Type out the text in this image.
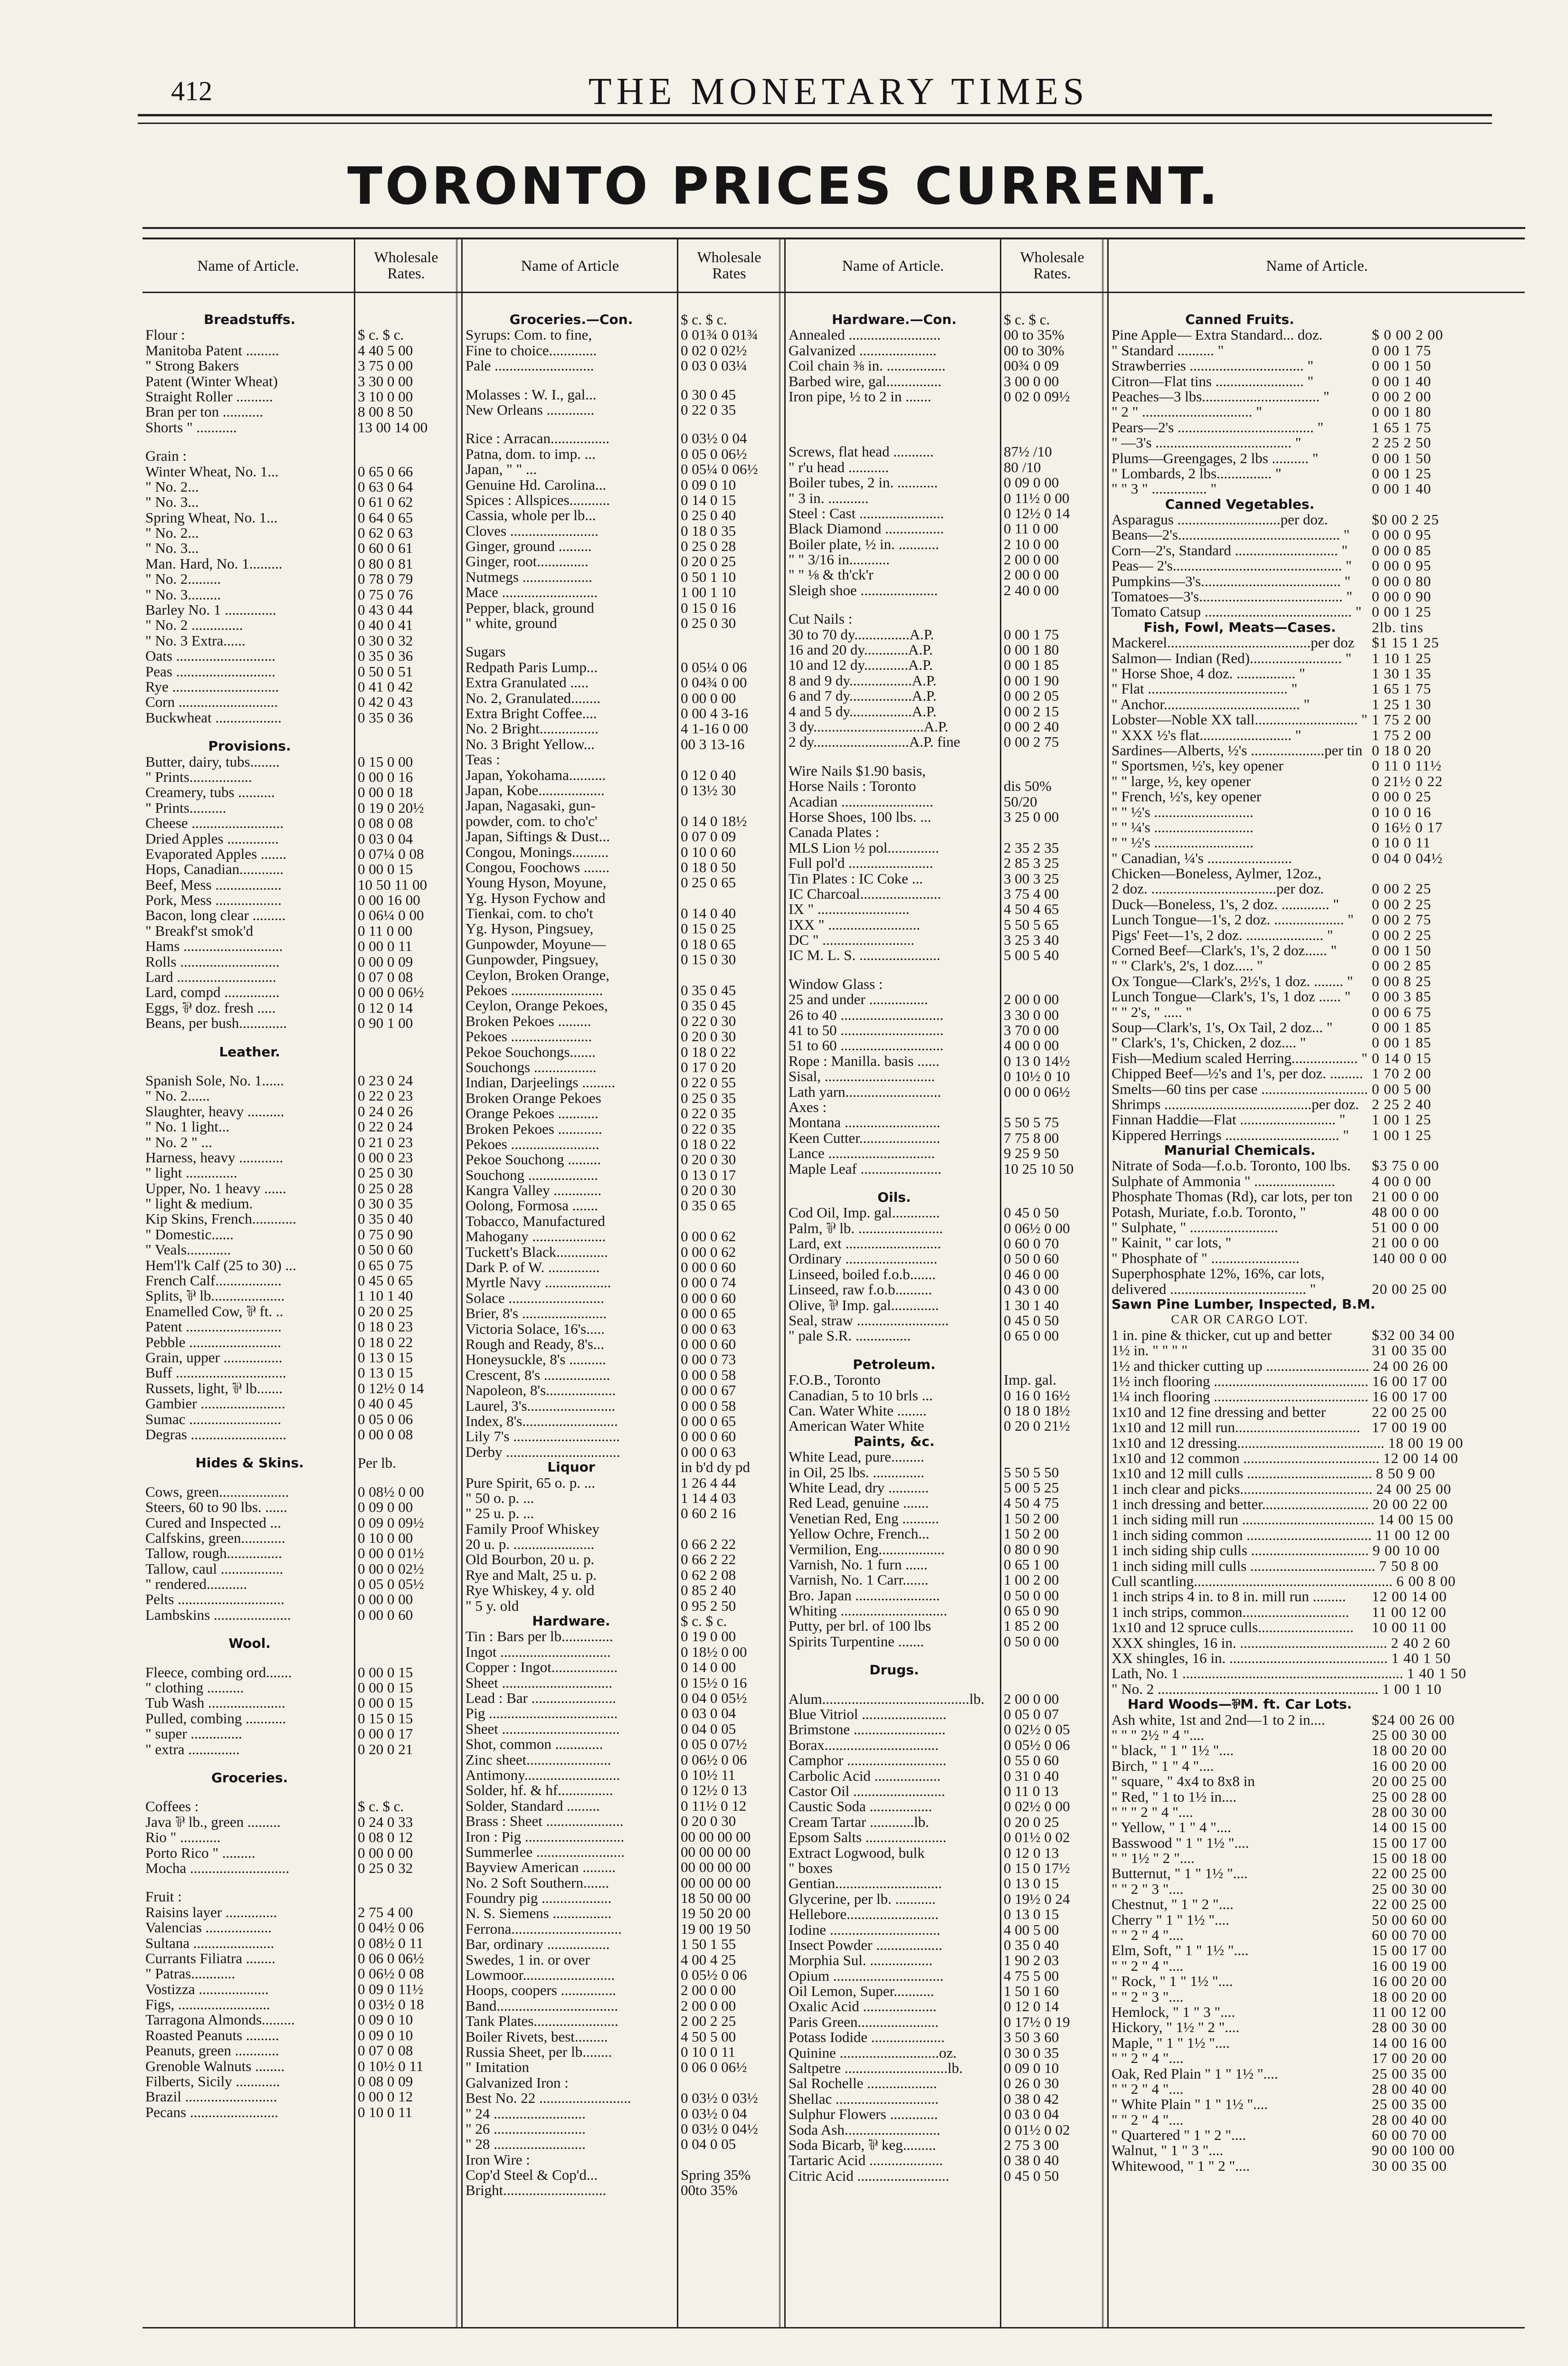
412	THE MONETARY TIMES
TORONTO PRICES CURRENT.
Name of Article.	Wholesale Rates.	Name of Article	Wholesale Rates	Name of Article.	Wholesale Rates.	Name of Article.
Breadstuffs.
Flour :	$ c. $ c.
Manitoba Patent .........	4 40 5 00
" Strong Bakers	3 75 0 00
Patent (Winter Wheat)	3 30 0 00
Straight Roller ..........	3 10 0 00
Bran per ton ...........	8 00 8 50
Shorts " ...........	13 00 14 00
Grain :
Winter Wheat, No. 1...	0 65 0 66
" No. 2...	0 63 0 64
" No. 3...	0 61 0 62
Spring Wheat, No. 1...	0 64 0 65
" No. 2...	0 62 0 63
" No. 3...	0 60 0 61
Man. Hard, No. 1.........	0 80 0 81
" No. 2.........	0 78 0 79
" No. 3.........	0 75 0 76
Barley No. 1 ..............	0 43 0 44
" No. 2 ..............	0 40 0 41
" No. 3 Extra......	0 30 0 32
Oats ...........................	0 35 0 36
Peas ...........................	0 50 0 51
Rye .............................	0 41 0 42
Corn ...........................	0 42 0 43
Buckwheat ..................	0 35 0 36
Provisions.
Butter, dairy, tubs........	0 15 0 00
" Prints.................	0 00 0 16
Creamery, tubs ..........	0 00 0 18
" Prints..........	0 19 0 20½
Cheese .........................	0 08 0 08
Dried Apples ..............	0 03 0 04
Evaporated Apples .......	0 07¼ 0 08
Hops, Canadian............	0 00 0 15
Beef, Mess ..................	10 50 11 00
Pork, Mess ..................	0 00 16 00
Bacon, long clear .........	0 06¼ 0 00
" Breakf'st smok'd	0 11 0 00
Hams ...........................	0 00 0 11
Rolls ...........................	0 00 0 09
Lard ...........................	0 07 0 08
Lard, compd ...............	0 00 0 06½
Eggs, ⅌ doz. fresh .....	0 12 0 14
Beans, per bush.............	0 90 1 00
Leather.
Spanish Sole, No. 1......	0 23 0 24
" No. 2......	0 22 0 23
Slaughter, heavy ..........	0 24 0 26
" No. 1 light...	0 22 0 24
" No. 2 " ...	0 21 0 23
Harness, heavy ............	0 00 0 23
" light ..............	0 25 0 30
Upper, No. 1 heavy ......	0 25 0 28
" light & medium.	0 30 0 35
Kip Skins, French............	0 35 0 40
" Domestic......	0 75 0 90
" Veals............	0 50 0 60
Hem'l'k Calf (25 to 30) ...	0 65 0 75
French Calf..................	0 45 0 65
Splits, ⅌ lb....................	1 10 1 40
Enamelled Cow, ⅌ ft. ..	0 20 0 25
Patent ..........................	0 18 0 23
Pebble .........................	0 18 0 22
Grain, upper ................	0 13 0 15
Buff ..............................	0 13 0 15
Russets, light, ⅌ lb.......	0 12½ 0 14
Gambier .......................	0 40 0 45
Sumac .........................	0 05 0 06
Degras ..........................	0 00 0 08
Hides & Skins.	Per lb.
Cows, green...................	0 08½ 0 00
Steers, 60 to 90 lbs. ......	0 09 0 00
Cured and Inspected ...	0 09 0 09½
Calfskins, green............	0 10 0 00
Tallow, rough...............	0 00 0 01½
Tallow, caul .................	0 00 0 02½
" rendered...........	0 05 0 05½
Pelts .............................	0 00 0 00
Lambskins .....................	0 00 0 60
Wool.
Fleece, combing ord.......	0 00 0 15
" clothing ..........	0 00 0 15
Tub Wash .....................	0 00 0 15
Pulled, combing ...........	0 15 0 15
" super ..............	0 00 0 17
" extra ..............	0 20 0 21
Groceries.
Coffees :	$ c. $ c.
Java ⅌ lb., green .........	0 24 0 33
Rio " ...........	0 08 0 12
Porto Rico " .........	0 00 0 00
Mocha ...........................	0 25 0 32
Fruit :
Raisins layer ..............	2 75 4 00
Valencias ..................	0 04½ 0 06
Sultana ......................	0 08½ 0 11
Currants Filiatra ........	0 06 0 06½
" Patras............	0 06½ 0 08
Vostizza ...................	0 09 0 11½
Figs, .........................	0 03½ 0 18
Tarragona Almonds.........	0 09 0 10
Roasted Peanuts .........	0 09 0 10
Peanuts, green ............	0 07 0 08
Grenoble Walnuts ........	0 10½ 0 11
Filberts, Sicily ............	0 08 0 09
Brazil .........................	0 00 0 12
Pecans ........................	0 10 0 11
Groceries.—Con.	$ c. $ c.
Syrups: Com. to fine,	0 01¾ 0 01¾
Fine to choice.............	0 02 0 02½
Pale ...........................	0 03 0 03¼
Molasses : W. I., gal...	0 30 0 45
New Orleans .............	0 22 0 35
Rice : Arracan................	0 03½ 0 04
Patna, dom. to imp. ...	0 05 0 06½
Japan, " " ...	0 05¼ 0 06½
Genuine Hd. Carolina...	0 09 0 10
Spices : Allspices...........	0 14 0 15
Cassia, whole per lb...	0 25 0 40
Cloves ........................	0 18 0 35
Ginger, ground .........	0 25 0 28
Ginger, root..............	0 20 0 25
Nutmegs ...................	0 50 1 10
Mace ..........................	1 00 1 10
Pepper, black, ground	0 15 0 16
" white, ground	0 25 0 30
Sugars
Redpath Paris Lump...	0 05¼ 0 06
Extra Granulated .....	0 04¾ 0 00
No. 2, Granulated........	0 00 0 00
Extra Bright Coffee....	0 00 4 3-16
No. 2 Bright................	4 1-16 0 00
No. 3 Bright Yellow...	00 3 13-16
Teas :
Japan, Yokohama..........	0 12 0 40
Japan, Kobe..................	0 13½ 30
Japan, Nagasaki, gun-
powder, com. to cho'c'	0 14 0 18½
Japan, Siftings & Dust...	0 07 0 09
Congou, Monings..........	0 10 0 60
Congou, Foochows .......	0 18 0 50
Young Hyson, Moyune,	0 25 0 65
Yg. Hyson Fychow and
Tienkai, com. to cho't	0 14 0 40
Yg. Hyson, Pingsuey,	0 15 0 25
Gunpowder, Moyune—	0 18 0 65
Gunpowder, Pingsuey,	0 15 0 30
Ceylon, Broken Orange,
Pekoes .........................	0 35 0 45
Ceylon, Orange Pekoes,	0 35 0 45
Broken Pekoes .........	0 22 0 30
Pekoes ......................	0 20 0 30
Pekoe Souchongs.......	0 18 0 22
Souchongs .................	0 17 0 20
Indian, Darjeelings .........	0 22 0 55
Broken Orange Pekoes	0 25 0 35
Orange Pekoes ...........	0 22 0 35
Broken Pekoes ............	0 22 0 35
Pekoes ........................	0 18 0 22
Pekoe Souchong .........	0 20 0 30
Souchong ...................	0 13 0 17
Kangra Valley .............	0 20 0 30
Oolong, Formosa .......	0 35 0 65
Tobacco, Manufactured
Mahogany ....................	0 00 0 62
Tuckett's Black..............	0 00 0 62
Dark P. of W. ..............	0 00 0 60
Myrtle Navy ..................	0 00 0 74
Solace ..........................	0 00 0 60
Brier, 8's .......................	0 00 0 65
Victoria Solace, 16's.....	0 00 0 63
Rough and Ready, 8's...	0 00 0 60
Honeysuckle, 8's ..........	0 00 0 73
Crescent, 8's ..................	0 00 0 58
Napoleon, 8's...................	0 00 0 67
Laurel, 3's........................	0 00 0 58
Index, 8's..........................	0 00 0 65
Lily 7's .............................	0 00 0 60
Derby ...............................	0 00 0 63
Liquor	in b'd dy pd
Pure Spirit, 65 o. p. ...	1 26 4 44
" 50 o. p. ...	1 14 4 03
" 25 u. p. ...	0 60 2 16
Family Proof Whiskey
20 u. p. ......................	0 66 2 22
Old Bourbon, 20 u. p.	0 66 2 22
Rye and Malt, 25 u. p.	0 62 2 08
Rye Whiskey, 4 y. old	0 85 2 40
" 5 y. old	0 95 2 50
Hardware.	$ c. $ c.
Tin : Bars per lb..............	0 19 0 00
Ingot ..............................	0 18½ 0 00
Copper : Ingot..................	0 14 0 00
Sheet ..............................	0 15½ 0 16
Lead : Bar .......................	0 04 0 05½
Pig ...................................	0 03 0 04
Sheet ................................	0 04 0 05
Shot, common .............	0 05 0 07½
Zinc sheet.......................	0 06½ 0 06
Antimony..........................	0 10½ 11
Solder, hf. & hf...............	0 12½ 0 13
Solder, Standard .........	0 11½ 0 12
Brass : Sheet .....................	0 20 0 30
Iron : Pig ...........................	00 00 00 00
Summerlee ........................	00 00 00 00
Bayview American .........	00 00 00 00
No. 2 Soft Southern.......	00 00 00 00
Foundry pig ...................	18 50 00 00
N. S. Siemens ................	19 50 20 00
Ferrona..............................	19 00 19 50
Bar, ordinary .................	1 50 1 55
Swedes, 1 in. or over	4 00 4 25
Lowmoor.........................	0 05½ 0 06
Hoops, coopers ...............	2 00 0 00
Band.................................	2 00 0 00
Tank Plates.......................	2 00 2 25
Boiler Rivets, best.........	4 50 5 00
Russia Sheet, per lb........	0 10 0 11
" Imitation	0 06 0 06½
Galvanized Iron :
Best No. 22 .........................	0 03½ 0 03½
" 24 .........................	0 03½ 0 04
" 26 .........................	0 03½ 0 04½
" 28 .........................	0 04 0 05
Iron Wire :
Cop'd Steel & Cop'd...	Spring 35%
Bright............................	00to 35%
Hardware.—Con.	$ c. $ c.
Annealed .........................	00 to 35%
Galvanized .....................	00 to 30%
Coil chain ⅜ in. ................	00¾ 0 09
Barbed wire, gal...............	3 00 0 00
Iron pipe, ½ to 2 in .......	0 02 0 09½
Screws, flat head ...........	87½ /10
" r'u head ...........	80 /10
Boiler tubes, 2 in. ...........	0 09 0 00
" 3 in. ...........	0 11½ 0 00
Steel : Cast .......................	0 12½ 0 14
Black Diamond ................	0 11 0 00
Boiler plate, ½ in. ...........	2 10 0 00
" " 3/16 in...........	2 00 0 00
" " ⅛ & th'ck'r	2 00 0 00
Sleigh shoe .....................	2 40 0 00
Cut Nails :
30 to 70 dy...............A.P.	0 00 1 75
16 and 20 dy............A.P.	0 00 1 80
10 and 12 dy............A.P.	0 00 1 85
8 and 9 dy.................A.P.	0 00 1 90
6 and 7 dy.................A.P.	0 00 2 05
4 and 5 dy.................A.P.	0 00 2 15
3 dy..............................A.P.	0 00 2 40
2 dy..........................A.P. fine	0 00 2 75
Wire Nails $1.90 basis,
Horse Nails : Toronto	dis 50%
Acadian .........................	50/20
Horse Shoes, 100 lbs. ...	3 25 0 00
Canada Plates :
MLS Lion ½ pol..............	2 35 2 35
Full pol'd .......................	2 85 3 25
Tin Plates : IC Coke ...	3 00 3 25
IC Charcoal......................	3 75 4 00
IX " .........................	4 50 4 65
IXX " .........................	5 50 5 65
DC " .........................	3 25 3 40
IC M. L. S. ......................	5 00 5 40
Window Glass :
25 and under ................	2 00 0 00
26 to 40 ............................	3 30 0 00
41 to 50 ............................	3 70 0 00
51 to 60 ............................	4 00 0 00
Rope : Manilla. basis ......	0 13 0 14½
Sisal, ..............................	0 10½ 0 10
Lath yarn..........................	0 00 0 06½
Axes :
Montana ..........................	5 50 5 75
Keen Cutter......................	7 75 8 00
Lance .............................	9 25 9 50
Maple Leaf ......................	10 25 10 50
Oils.
Cod Oil, Imp. gal.............	0 45 0 50
Palm, ⅌ lb. .......................	0 06½ 0 00
Lard, ext ..........................	0 60 0 70
Ordinary .........................	0 50 0 60
Linseed, boiled f.o.b.......	0 46 0 00
Linseed, raw f.o.b..........	0 43 0 00
Olive, ⅌ Imp. gal.............	1 30 1 40
Seal, straw .........................	0 45 0 50
" pale S.R. ...............	0 65 0 00
Petroleum.
F.O.B., Toronto	Imp. gal.
Canadian, 5 to 10 brls ...	0 16 0 16½
Can. Water White ........	0 18 0 18½
American Water White	0 20 0 21½
Paints, &c.
White Lead, pure.........
in Oil, 25 lbs. ..............	5 50 5 50
White Lead, dry ...........	5 00 5 25
Red Lead, genuine .......	4 50 4 75
Venetian Red, Eng ..........	1 50 2 00
Yellow Ochre, French...	1 50 2 00
Vermilion, Eng..................	0 80 0 90
Varnish, No. 1 furn ......	0 65 1 00
Varnish, No. 1 Carr.......	1 00 2 00
Bro. Japan .......................	0 50 0 00
Whiting .............................	0 65 0 90
Putty, per brl. of 100 lbs	1 85 2 00
Spirits Turpentine .......	0 50 0 00
Drugs.
Alum........................................lb.	2 00 0 00
Blue Vitriol .......................	0 05 0 07
Brimstone .........................	0 02½ 0 05
Borax...............................	0 05½ 0 06
Camphor ...........................	0 55 0 60
Carbolic Acid ..................	0 31 0 40
Castor Oil .........................	0 11 0 13
Caustic Soda .................	0 02½ 0 00
Cream Tartar ............lb.	0 20 0 25
Epsom Salts ......................	0 01½ 0 02
Extract Logwood, bulk	0 12 0 13
" boxes	0 15 0 17½
Gentian.............................	0 13 0 15
Glycerine, per lb. ...........	0 19½ 0 24
Hellebore.........................	0 13 0 15
Iodine ..............................	4 00 5 00
Insect Powder ..................	0 35 0 40
Morphia Sul. .................	1 90 2 03
Opium ..............................	4 75 5 00
Oil Lemon, Super...........	1 50 1 60
Oxalic Acid ....................	0 12 0 14
Paris Green......................	0 17½ 0 19
Potass Iodide ....................	3 50 3 60
Quinine ...........................oz.	0 30 0 35
Saltpetre ............................lb.	0 09 0 10
Sal Rochelle ...................	0 26 0 30
Shellac ............................	0 38 0 42
Sulphur Flowers .............	0 03 0 04
Soda Ash..........................	0 01½ 0 02
Soda Bicarb, ⅌ keg.........	2 75 3 00
Tartaric Acid ....................	0 38 0 40
Citric Acid .........................	0 45 0 50
Canned Fruits.
Pine Apple— Extra Standard... doz.	$ 0 00 2 00
" Standard .......... "	0 00 1 75
Strawberries ............................... "	0 00 1 50
Citron—Flat tins ........................ "	0 00 1 40
Peaches—3 lbs................................ "	0 00 2 00
" 2 " .............................. "	0 00 1 80
Pears—2's ..................................... "	1 65 1 75
" —3's ..................................... "	2 25 2 50
Plums—Greengages, 2 lbs .......... "	0 00 1 50
" Lombards, 2 lbs............... "	0 00 1 25
" " 3 " ............... "	0 00 1 40
Canned Vegetables.
Asparagus ............................per doz.	$0 00 2 25
Beans—2's............................................ "	0 00 0 95
Corn—2's, Standard ............................ "	0 00 0 85
Peas— 2's.............................................. "	0 00 0 95
Pumpkins—3's...................................... "	0 00 0 80
Tomatoes—3's....................................... "	0 00 0 90
Tomato Catsup ........................................ " 0 00 1 25
Fish, Fowl, Meats—Cases.	2lb. tins
Mackerel.......................................per doz	$1 15 1 25
Salmon— Indian (Red)......................... "	1 10 1 25
" Horse Shoe, 4 doz. ................ "	1 30 1 35
" Flat ...................................... "	1 65 1 75
" Anchor..................................... "	1 25 1 30
Lobster—Noble XX tall............................ " 1 75 2 00
" XXX ½'s flat......................... "	1 75 2 00
Sardines—Alberts, ½'s ....................per tin 0 18 0 20
" Sportsmen, ½'s, key opener	0 11 0 11½
" " large, ½, key opener	0 21½ 0 22
" French, ½'s, key opener	0 00 0 25
" " ½'s ...........................	0 10 0 16
" " ¼'s ...........................	0 16½ 0 17
" " ½'s ...........................	0 10 0 11
" Canadian, ¼'s .......................	0 04 0 04½
Chicken—Boneless, Aylmer, 12oz.,
2 doz. ..................................per doz.	0 00 2 25
Duck—Boneless, 1's, 2 doz. ............. "	0 00 2 25
Lunch Tongue—1's, 2 doz. ................... "	0 00 2 75
Pigs' Feet—1's, 2 doz. ..................... "	0 00 2 25
Corned Beef—Clark's, 1's, 2 doz...... "	0 00 1 50
" " Clark's, 2's, 1 doz..... "	0 00 2 85
Ox Tongue—Clark's, 2½'s, 1 doz. ........ "	0 00 8 25
Lunch Tongue—Clark's, 1's, 1 doz ...... "	0 00 3 85
" " 2's, " ..... "	0 00 6 75
Soup—Clark's, 1's, Ox Tail, 2 doz... "	0 00 1 85
" Clark's, 1's, Chicken, 2 doz.... "	0 00 1 85
Fish—Medium scaled Herring.................. " 0 14 0 15
Chipped Beef—½'s and 1's, per doz. ......... 1 70 2 00
Smelts—60 tins per case ............................. 0 00 5 00
Shrimps ........................................per doz. 2 25 2 40
Finnan Haddie—Flat .......................... "	1 00 1 25
Kippered Herrings ............................... "	1 00 1 25
Manurial Chemicals.
Nitrate of Soda—f.o.b. Toronto, 100 lbs.	$3 75 0 00
Sulphate of Ammonia " ......................	4 00 0 00
Phosphate Thomas (Rd), car lots, per ton	21 00 0 00
Potash, Muriate, f.o.b. Toronto, "	48 00 0 00
" Sulphate, " ........................	51 00 0 00
" Kainit, " car lots, "	21 00 0 00
" Phosphate of " ........................	140 00 0 00
Superphosphate 12%, 16%, car lots,
delivered ..................................... "	20 00 25 00
Sawn Pine Lumber, Inspected, B.M.
CAR OR CARGO LOT.
1 in. pine & thicker, cut up and better	$32 00 34 00
1½ in. " " " "	31 00 35 00
1½ and thicker cutting up ............................ 24 00 26 00
1½ inch flooring .......................................... 16 00 17 00
1¼ inch flooring .......................................... 16 00 17 00
1x10 and 12 fine dressing and better	22 00 25 00
1x10 and 12 mill run.................................. 17 00 19 00
1x10 and 12 dressing........................................ 18 00 19 00
1x10 and 12 common ..................................... 12 00 14 00
1x10 and 12 mill culls .................................. 8 50 9 00
1 inch clear and picks.................................... 24 00 25 00
1 inch dressing and better............................. 20 00 22 00
1 inch siding mill run .................................... 14 00 15 00
1 inch siding common .................................. 11 00 12 00
1 inch siding ship culls ................................ 9 00 10 00
1 inch siding mill culls .................................. 7 50 8 00
Cull scantling...................................................... 6 00 8 00
1 inch strips 4 in. to 8 in. mill run .........	12 00 14 00
1 inch strips, common.............................	11 00 12 00
1x10 and 12 spruce culls..........................	10 00 11 00
XXX shingles, 16 in. ........................................ 2 40 2 60
XX shingles, 16 in. ........................................... 1 40 1 50
Lath, No. 1 ............................................................ 1 40 1 50
" No. 2 ............................................................ 1 00 1 10
Hard Woods—⅌M. ft. Car Lots.
Ash white, 1st and 2nd—1 to 2 in....	$24 00 26 00
" " " 2½ " 4 "....	25 00 30 00
" black, " 1 " 1½ "....	18 00 20 00
Birch, " 1 " 4 "....	16 00 20 00
" square, " 4x4 to 8x8 in	20 00 25 00
" Red, " 1 to 1½ in....	25 00 28 00
" " " 2 " 4 "....	28 00 30 00
" Yellow, " 1 " 4 "....	14 00 15 00
Basswood " 1 " 1½ "....	15 00 17 00
" " 1½ " 2 "....	15 00 18 00
Butternut, " 1 " 1½ "....	22 00 25 00
" " 2 " 3 "....	25 00 30 00
Chestnut, " 1 " 2 "....	22 00 25 00
Cherry " 1 " 1½ "....	50 00 60 00
" " 2 " 4 "....	60 00 70 00
Elm, Soft, " 1 " 1½ "....	15 00 17 00
" " 2 " 4 "....	16 00 19 00
" Rock, " 1 " 1½ "....	16 00 20 00
" " 2 " 3 "....	18 00 20 00
Hemlock, " 1 " 3 "....	11 00 12 00
Hickory, " 1½ " 2 "....	28 00 30 00
Maple, " 1 " 1½ "....	14 00 16 00
" " 2 " 4 "....	17 00 20 00
Oak, Red Plain " 1 " 1½ "....	25 00 35 00
" " 2 " 4 "....	28 00 40 00
" White Plain " 1 " 1½ "....	25 00 35 00
" " 2 " 4 "....	28 00 40 00
" Quartered " 1 " 2 "....	60 00 70 00
Walnut, " 1 " 3 "....	90 00 100 00
Whitewood, " 1 " 2 "....	30 00 35 00
